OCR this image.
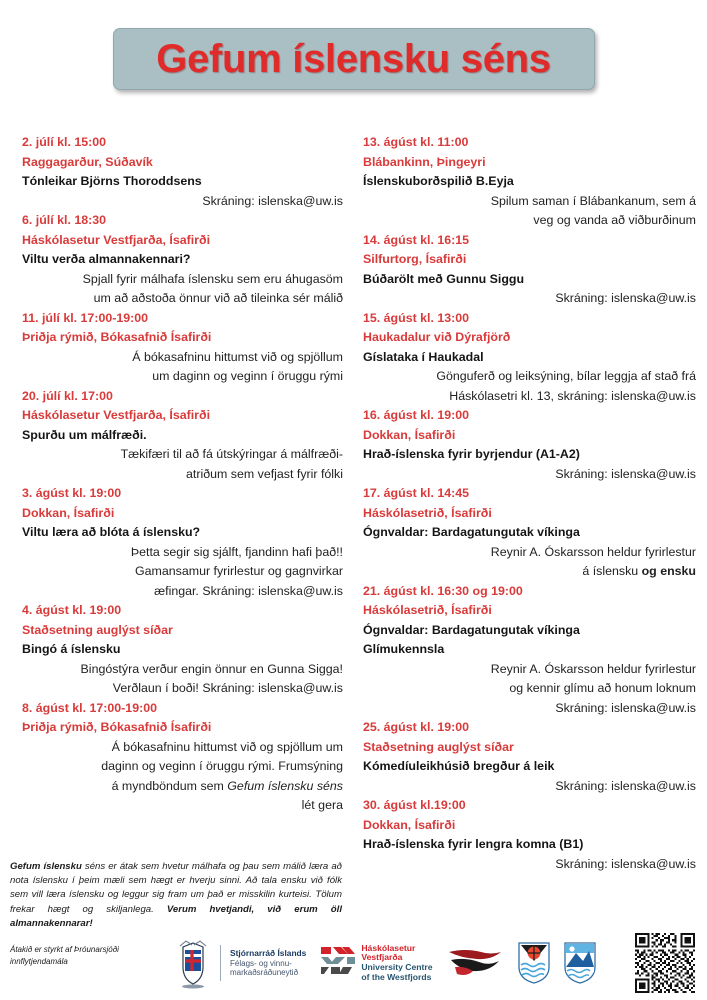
Gefum íslensku séns
2. júlí kl. 15:00
Raggagarður, Súðavík
Tónleikar Björns Thoroddsens
Skráning: islenska@uw.is
6. júlí kl. 18:30
Háskólasetur Vestfjarða, Ísafirði
Viltu verða almannakennari?
Spjall fyrir málhafa íslensku sem eru áhugasöm
um að aðstoða önnur við að tileinka sér málið
11. júlí kl. 17:00-19:00
Þriðja rýmið, Bókasafnið Ísafirði
Á bókasafninu hittumst við og spjöllum
um daginn og veginn í öruggu rými
20. júlí kl. 17:00
Háskólasetur Vestfjarða, Ísafirði
Spurðu um málfræði.
Tækifæri til að fá útskýringar á málfræði-
atriðum sem vefjast fyrir fólki
3. ágúst kl. 19:00
Dokkan, Ísafirði
Viltu læra að blóta á íslensku?
Þetta segir sig sjálft, fjandinn hafi það!!
Gamansamur fyrirlestur og gagnvirkar
æfingar. Skráning: islenska@uw.is
4. ágúst kl. 19:00
Staðsetning auglýst síðar
Bingó á íslensku
Bingóstýra verður engin önnur en Gunna Sigga!
Verðlaun í boði! Skráning: islenska@uw.is
8. ágúst kl. 17:00-19:00
Þriðja rýmið, Bókasafnið Ísafirði
Á bókasafninu hittumst við og spjöllum um
daginn og veginn í öruggu rými. Frumsýning
á myndböndum sem Gefum íslensku séns
lét gera
13. ágúst kl. 11:00
Blábankinn, Þingeyri
Íslenskuborðspilið B.Eyja
Spilum saman í Blábankanum, sem á
veg og vanda að viðburðinum
14. ágúst kl. 16:15
Silfurtorg, Ísafirði
Búðarölt með Gunnu Siggu
Skráning: islenska@uw.is
15. ágúst kl. 13:00
Haukadalur við Dýrafjörð
Gíslataka í Haukadal
Gönguferð og leiksýning, bílar leggja af stað frá
Háskólasetri kl. 13, skráning: islenska@uw.is
16. ágúst kl. 19:00
Dokkan, Ísafirði
Hrað-íslenska fyrir byrjendur (A1-A2)
Skráning: islenska@uw.is
17. ágúst kl. 14:45
Háskólasetrið, Ísafirði
Ógnvaldar: Bardagatungutak víkinga
Reynir A. Óskarsson heldur fyrirlestur
á íslensku og ensku
21. ágúst kl. 16:30 og 19:00
Háskólasetrið, Ísafirði
Ógnvaldar: Bardagatungutak víkinga
Glímukennsla
Reynir A. Óskarsson heldur fyrirlestur
og kennir glímu að honum loknum
Skráning: islenska@uw.is
25. ágúst kl. 19:00
Staðsetning auglýst síðar
Kómedíuleikhúsið bregður á leik
Skráning: islenska@uw.is
30. ágúst kl.19:00
Dokkan, Ísafirði
Hrað-íslenska fyrir lengra komna (B1)
Skráning: islenska@uw.is
Gefum íslensku séns er átak sem hvetur málhafa og þau sem málið læra að nota íslensku í þeim mæli sem hægt er hverju sinni. Að tala ensku við fólk sem vill læra íslensku og leggur sig fram um það er misskilin kurteisi. Tölum frekar hægt og skiljanlega. Verum hvetjandi, við erum öll almannakennarar!
Átakið er styrkt af Þróunarsjóði
innflytjendamála
Stjórnarráð Íslands
Félags- og vinnu-
markaðsráðuneytið
Háskólasetur
Vestfjarða
University Centre
of the Westfjords
